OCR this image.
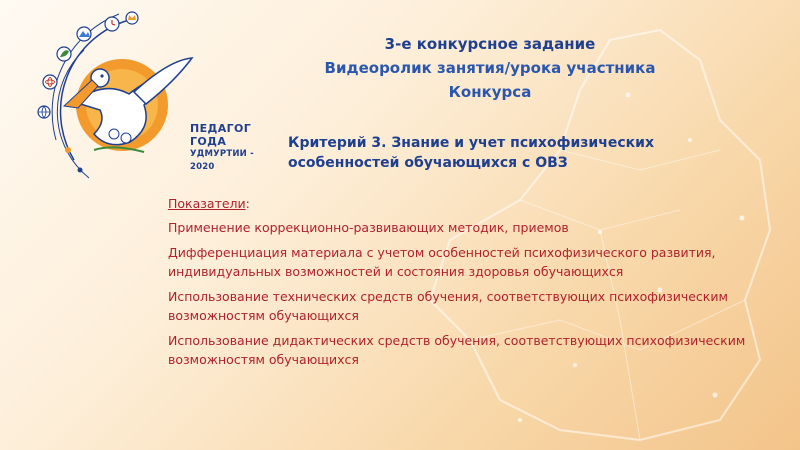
ПЕДАГОГ ГОДА
УДМУРТИИ - 2020
3-е конкурсное задание
Видеоролик занятия/урока участника
Конкурса
Критерий 3. Знание и учет психофизических
особенностей обучающихся с ОВЗ
Показатели:
Применение коррекционно-развивающих методик, приемов
Дифференциация материала с учетом особенностей психофизического развития, индивидуальных возможностей и состояния здоровья обучающихся
Использование технических средств обучения, соответствующих психофизическим возможностям обучающихся
Использование дидактических средств обучения, соответствующих психофизическим возможностям обучающихся
